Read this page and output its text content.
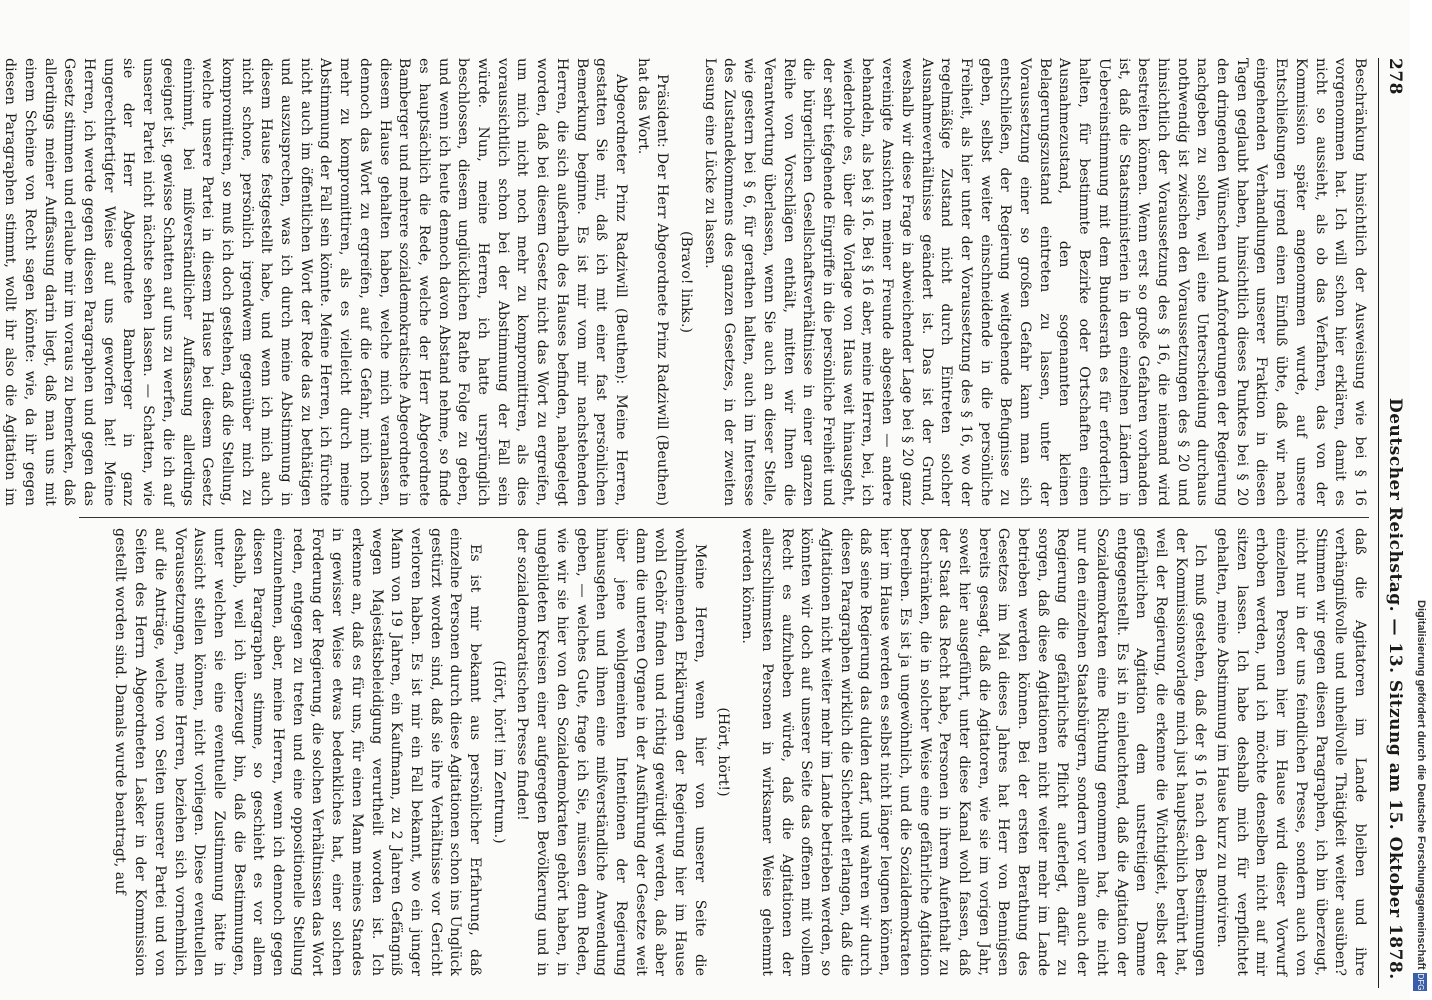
278
Deutscher Reichstag. — 13. Sitzung am 15. Oktober 1878.

Beschränkung hinsichtlich der Ausweisung wie bei § 16 vorgenommen hat. Ich will schon hier erklären, damit es nicht so aussieht, als ob das Verfahren, das von der Kommission später angenommen wurde, auf unsere Entschließungen irgend einen Einfluß übte, daß wir nach eingehenden Verhandlungen unserer Fraktion in diesen Tagen geglaubt haben, hinsichtlich dieses Punktes bei § 20 den dringenden Wünschen und Anforderungen der Regierung nachgeben zu sollen, weil eine Unterscheidung durchaus nothwendig ist zwischen den Voraussetzungen des § 20 und hinsichtlich der Voraussetzung des § 16, die niemand wird bestreiten können. Wenn erst so große Gefahren vorhanden ist, daß die Staatsministerien in den einzelnen Ländern in Uebereinstimmung mit dem Bundesrath es für erforderlich halten, für bestimmte Bezirke oder Ortschaften einen Ausnahmezustand, den sogenannten kleinen Belagerungszustand eintreten zu lassen, unter der Voraussetzung einer so großen Gefahr kann man sich entschließen, der Regierung weitgehende Befugnisse zu geben, selbst weiter einschneidende in die persönliche Freiheit, als hier unter der Voraussetzung des § 16, wo der regelmäßige Zustand nicht durch Eintreten solcher Ausnahmeverhältnisse geändert ist. Das ist der Grund, weshalb wir diese Frage in abweichender Lage bei § 20 ganz vereinigte Ansichten meiner Freunde abgesehen — andere behandeln, als bei § 16. Bei § 16 aber, meine Herren, bei, ich wiederhole es, über die Vorlage von Haus weit hinausgeht, der sehr tiefgehende Eingriffe in die persönliche Freiheit und die bürgerlichen Gesellschaftsverhältnisse in einer ganzen Reihe von Vorschlägen enthält, mitten wir Ihnen die Verantwortung überlassen, wenn Sie auch an dieser Stelle, wie gestern bei § 6, für gerathen halten, auch im Interesse des Zustandekommens des ganzen Gesetzes, in der zweiten Lesung eine Lücke zu lassen.

(Bravo! links.)

Präsident: Der Herr Abgeordnete Prinz Radziwill (Beuthen) hat das Wort.

Abgeordneter Prinz Radziwill (Beuthen): Meine Herren, gestatten Sie mir, daß ich mit einer fast persönlichen Bemerkung beginne. Es ist mir vom mir nachstehenden Herren, die sich außerhalb des Hauses befinden, nahegelegt worden, daß bei diesem Gesetz nicht das Wort zu ergreifen, um mich nicht noch mehr zu kompromittiren, als dies voraussichtlich schon bei der Abstimmung der Fall sein würde. Nun, meine Herren, ich hatte ursprünglich beschlossen, diesem unglücklichen Rathe Folge zu geben, und wenn ich heute dennoch davon Abstand nehme, so finde es hauptsächlich die Rede, welche der Herr Abgeordnete Bamberger und mehrere sozialdemokratische Abgeordnete in diesem Hause gehalten haben, welche mich veranlassen, dennoch das Wort zu ergreifen, auf die Gefahr, mich noch mehr zu kompromittiren, als es vielleicht durch meine Abstimmung der Fall sein könnte. Meine Herren, ich fürchte nicht auch im öffentlichen Wort der Rede das zu bethätigen und auszusprechen, was ich durch meine Abstimmung in diesem Hause festgestellt habe, und wenn ich mich auch nicht schone, persönlich irgendwem gegenüber mich zu kompromittiren, so muß ich doch gestehen, daß die Stellung, welche unsere Partei in diesem Hause bei diesem Gesetz einnimmt, bei mißverständlicher Auffassung allerdings geeignet ist, gewisse Schatten auf uns zu werfen, die ich auf unserer Partei nicht nächste sehen lassen. — Schatten, wie sie der Herr Abgeordnete Bamberger in ganz ungerechtfertigter Weise auf uns geworfen hat! Meine Herren, ich werde gegen diesen Paragraphen und gegen das Gesetz stimmen und erlaube mir im voraus zu bemerken, daß allerdings meiner Auffassung darin liegt, daß man uns mit einem Scheine von Recht sagen könnte: wie, da ihr gegen diesen Paragraphen stimmt, wollt ihr also die Agitation im

daß die Agitatoren im Lande bleiben und ihre verhängnißvolle und unheilvolle Thätigkeit weiter ausüben? Stimmen wir gegen diesen Paragraphen, ich bin überzeugt, nicht nur in der uns feindlichen Presse, sondern auch von einzelnen Personen hier im Hause wird dieser Vorwurf erhoben werden, und ich möchte denselben nicht auf mir sitzen lassen. Ich habe deshalb mich für verpflichtet gehalten, meine Abstimmung im Hause kurz zu motiviren.

Ich muß gestehen, daß der § 16 nach den Bestimmungen der Kommissionsvorlage mich just hauptsächlich berührt hat, weil der Regierung, die erkenne die Wichtigkeit, selbst der gefährlichen Agitation dem unstreitigen Damme entgegenstellt. Es ist in einleuchtend, daß die Agitation der Sozialdemokraten eine Richtung genommen hat, die nicht nur den einzelnen Staatsbürgern, sondern vor allem auch der Regierung die gefährlichste Pflicht auferlegt, dafür zu sorgen, daß diese Agitationen nicht weiter mehr im Lande betrieben werden können. Bei der ersten Berathung des Gesetzes im Mai dieses Jahres hat Herr von Bennigsen bereits gesagt, daß die Agitatoren, wie sie im vorigen Jahr, soweit hier ausgeführt, unter diese Kanal wohl fassen, daß der Staat das Recht habe, Personen in ihrem Aufenthalt zu beschränken, die in solcher Weise eine gefährliche Agitation betreiben. Es ist ja ungewöhnlich, und die Sozialdemokraten hier im Hause werden es selbst nicht länger leugnen können, daß seine Regierung das dulden darf, und wahren wir durch diesen Paragraphen wirklich die Sicherheit erlangen, daß die Agitationen nicht weiter mehr im Lande betrieben werden, so könnten wir doch auf unserer Seite das offenen mit vollem Recht es aufzuheben würde, daß die Agitationen der allerschlimmsten Personen in wirksamer Weise gehemmt werden können.

(Hört, hört!)

Meine Herren, wenn hier von unserer Seite die wohlmeinenden Erklärungen der Regierung hier im Hause wohl Gehör finden und richtig gewürdigt werden, daß aber dann die unteren Organe in der Ausführung der Gesetze weit über jene wohlgemeinten Intentionen der Regierung hinausgehen und ihnen eine mißverständliche Anwendung geben, — welches Gute, frage ich Sie, müssen denn Reden, wie wir sie hier von den Sozialdemokraten gehört haben, in ungebildeten Kreisen einer aufgeregten Bevölkerung und in der sozialdemokratischen Presse finden!

(Hört, hört! im Zentrum.)

Es ist mir bekannt aus persönlicher Erfahrung, daß einzelne Personen durch diese Agitationen schon ins Unglück gestürzt worden sind, daß sie ihre Verhältnisse vor Gericht verloren haben. Es ist mir ein Fall bekannt, wo ein junger Mann von 19 Jahren, ein Kaufmann, zu 2 Jahren Gefängniß wegen Majestätsbeleidigung verurtheilt worden ist. Ich erkenne an, daß es für uns, für einen Mann meines Standes in gewisser Weise etwas bedenkliches hat, einer solchen Forderung der Regierung, die solchen Verhältnissen das Wort reden, entgegen zu treten und eine oppositionelle Stellung einzunehmen, aber, meine Herren, wenn ich dennoch gegen diesen Paragraphen stimme, so geschieht es vor allem deshalb, weil ich überzeugt bin, daß die Bestimmungen, unter welchen sie eine eventuelle Zustimmung hätte in Aussicht stellen können, nicht vorliegen. Diese eventuellen Voraussetzungen, meine Herren, beziehen sich vornehmlich auf die Anträge, welche von Seiten unserer Partei und von Seiten des Herrn Abgeordneten Lasker in der Kommission gestellt worden sind. Damals wurde beantragt, auf	Digitalisierung gefördert durch die Deutsche Forschungsgemeinschaft
DFG
